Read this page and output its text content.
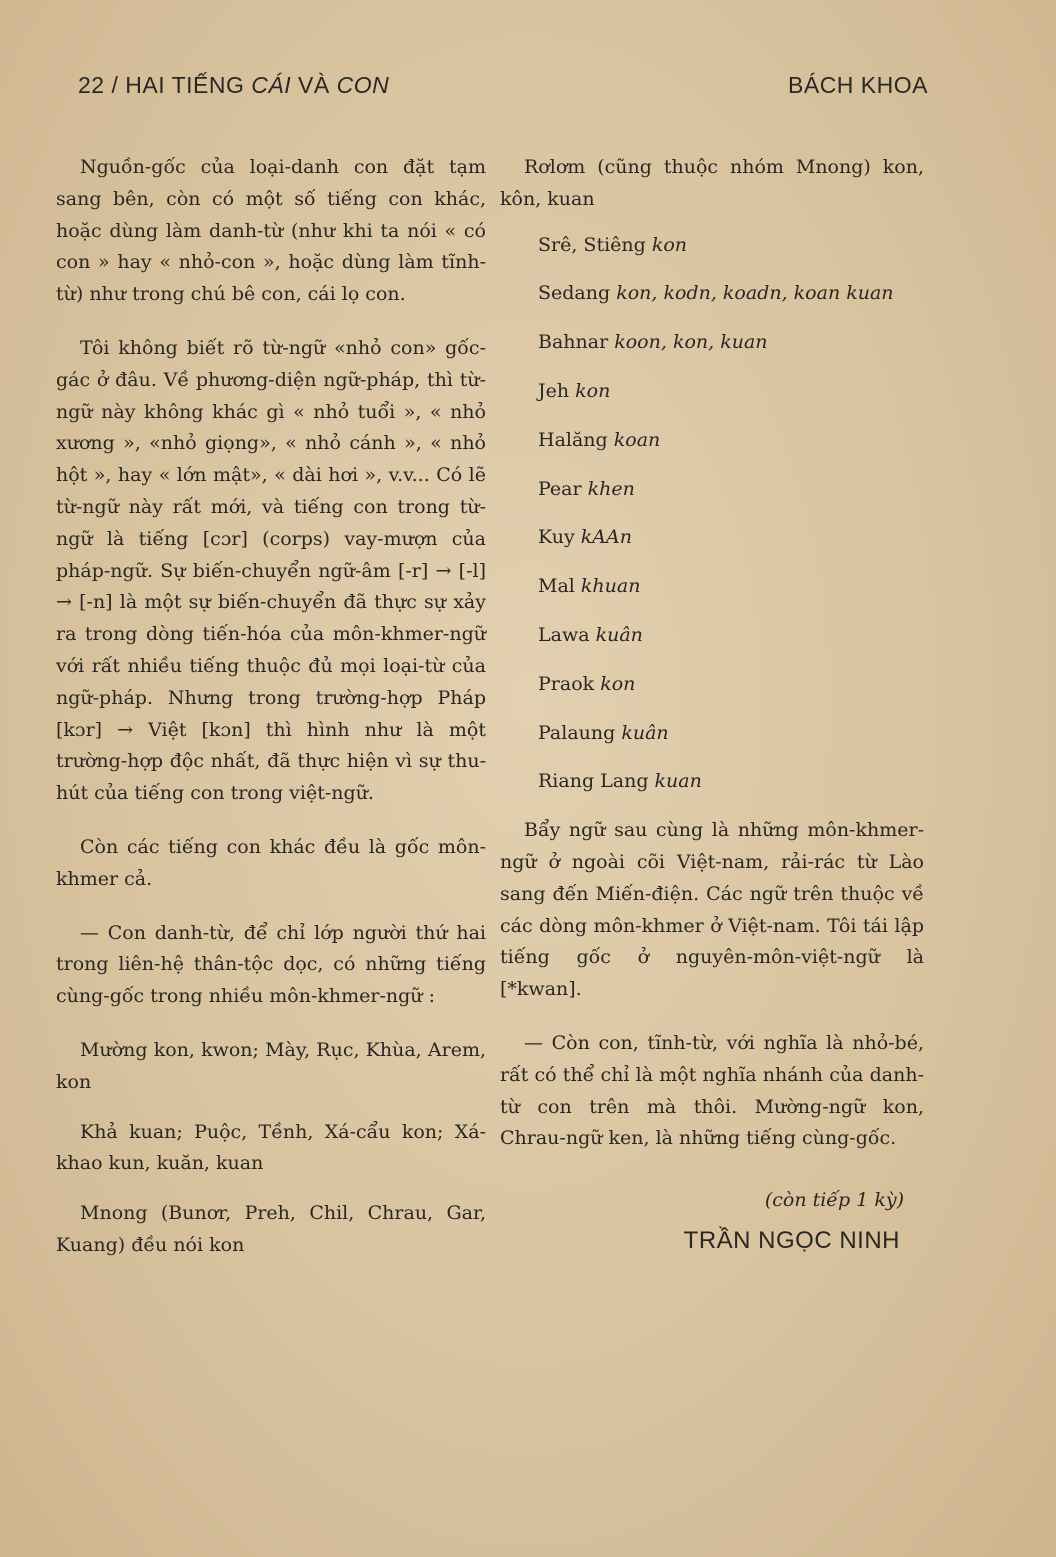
22 / HAI TIẾNG CÁI VÀ CON	BÁCH KHOA

Nguồn-gốc của loại-danh con đặt tạm sang bên, còn có một số tiếng con khác, hoặc dùng làm danh-từ (như khi ta nói « có con » hay « nhỏ-con », hoặc dùng làm tĩnh-từ) như trong chú bê con, cái lọ con.

Tôi không biết rõ từ-ngữ «nhỏ con» gốc-gác ở đâu. Về phương-diện ngữ-pháp, thì từ-ngữ này không khác gì « nhỏ tuổi », « nhỏ xương », «nhỏ giọng», « nhỏ cánh », « nhỏ hột », hay « lớn mật», « dài hơi », v.v... Có lẽ từ-ngữ này rất mới, và tiếng con trong từ-ngữ là tiếng [cɔr] (corps) vay-mượn của pháp-ngữ. Sự biến-chuyển ngữ-âm [-r] → [-l] → [-n] là một sự biến-chuyển đã thực sự xảy ra trong dòng tiến-hóa của môn-khmer-ngữ với rất nhiều tiếng thuộc đủ mọi loại-từ của ngữ-pháp. Nhưng trong trường-hợp Pháp [kɔr] → Việt [kɔn] thì hình như là một trường-hợp độc nhất, đã thực hiện vì sự thu-hút của tiếng con trong việt-ngữ.

Còn các tiếng con khác đều là gốc môn-khmer cả.

— Con danh-từ, để chỉ lớp người thứ hai trong liên-hệ thân-tộc dọc, có những tiếng cùng-gốc trong nhiều môn-khmer-ngữ :

Mường kon, kwon; Mày, Rục, Khùa, Arem, kon

Khả kuan; Puộc, Tềnh, Xá-cẩu kon; Xá-khao kun, kuăn, kuan

Mnong (Bunơr, Preh, Chil, Chrau, Gar, Kuang) đều nói kon

Rơlơm (cũng thuộc nhóm Mnong) kon, kôn, kuan

Srê, Stiêng kon

Sedang kon, kodn, koadn, koan kuan

Bahnar koon, kon, kuan

Jeh kon

Halăng koan

Pear khen

Kuy kAAn

Mal khuan

Lawa kuân

Praok kon

Palaung kuân

Riang Lang kuan

Bẩy ngữ sau cùng là những môn-khmer-ngữ ở ngoài cõi Việt-nam, rải-rác từ Lào sang đến Miến-điện. Các ngữ trên thuộc về các dòng môn-khmer ở Việt-nam. Tôi tái lập tiếng gốc ở nguyên-môn-việt-ngữ là [*kwan].

— Còn con, tĩnh-từ, với nghĩa là nhỏ-bé, rất có thể chỉ là một nghĩa nhánh của danh-từ con trên mà thôi. Mường-ngữ kon, Chrau-ngữ ken, là những tiếng cùng-gốc.

(còn tiếp 1 kỳ)

TRẦN NGỌC NINH
